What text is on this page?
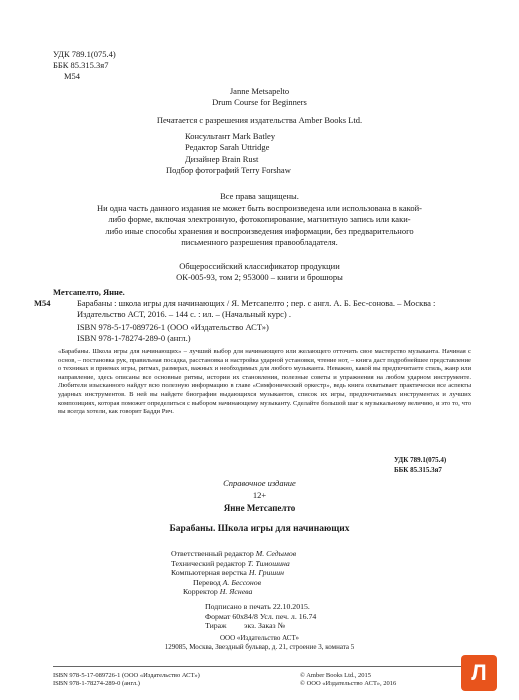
УДК 789.1(075.4)
ББК 85.315.3я7
М54
Janne Metsapelto
Drum Course for Beginners
Печатается с разрешения издательства Amber Books Ltd.
Консультант Mark Batley
Редактор Sarah Uttridge
Дизайнер Brain Rust
Подбор фотографий Terry Forshaw
Все права защищены.
Ни одна часть данного издания не может быть воспроизведена или использована в какой-
либо форме, включая электронную, фотокопирование, магнитную запись или каки-
либо иные способы хранения и воспроизведения информации, без предварительного
письменного разрешения правообладателя.
Общероссийский классификатор продукции
ОК-005-93, том 2; 953000 – книги и брошюры
Метсапелто, Янне.
М54	Барабаны : школа игры для начинающих / Я. Метсапелто ; пер. с англ. А. Б. Бес-сонова. – Москва : Издательство АСТ, 2016. – 144 с. : ил. – (Начальный курс) .
ISBN 978-5-17-089726-1 (ООО «Издательство АСТ»)
ISBN 978-1-78274-289-0 (англ.)
«Барабаны. Школа игры для начинающих» – лучший выбор для начинающего или желающего отточить свое мастерство музыканта. Начиная с основ, – постановка рук, правильная посадка, расстановка и настройка ударной установки, чтение нот, – книга даст подробнейшее представление о техниках и приемах игры, ритмах, размерах, важных и необходимых для любого музыканта. Неважно, какой вы предпочитаете стиль, жанр или направление, здесь описаны все основные ритмы, истории их становления, полезные советы и упражнения на любом ударном инструменте. Любители изысканного найдут всю полезную информацию в главе «Симфонический оркестр», ведь книга охватывает практически все аспекты ударных инструментов. В ней вы найдете биографии выдающихся музыкантов, список их игры, предпочитаемых инструментах и лучших композициях, которая поможет определиться с выбором начинающему музыканту. Сделайте большой шаг к музыкальному величию, и это то, что вы всегда хотели, как говорит Бадди Рич.
УДК 789.1(075.4)
ББК 85.315.3я7
Справочное издание
12+
Янне Метсапелто
Барабаны. Школа игры для начинающих
Ответственный редактор М. Седымов
Технический редактор Т. Тимошина
Компьютерная верстка Н. Гришин
Перевод А. Бессонов
Корректор Н. Яснева
Подписано в печать 22.10.2015.
Формат 60x84/8 Усл. печ. л. 16.74
Тираж         экз. Заказ №
ООО «Издательство АСТ»
129085, Москва, Звездный бульвар, д. 21, строение 3, комната 5
ISBN 978-5-17-089726-1 (ООО «Издательство АСТ»)
ISBN 978-1-78274-289-0 (англ.)
© Amber Books Ltd., 2015
© ООО «Издательство АСТ», 2016	Л
